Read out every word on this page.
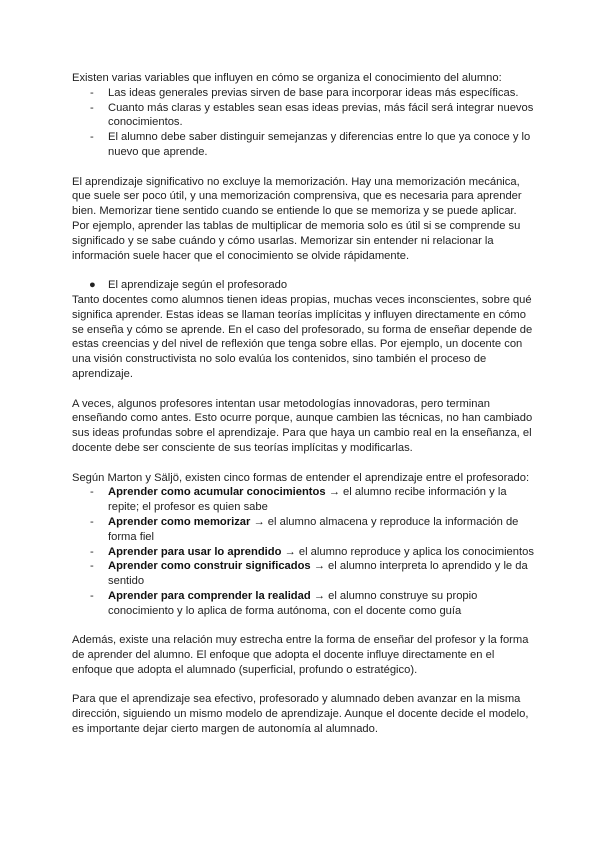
Existen varias variables que influyen en cómo se organiza el conocimiento del alumno:

- Las ideas generales previas sirven de base para incorporar ideas más específicas.
- Cuanto más claras y estables sean esas ideas previas, más fácil será integrar nuevos conocimientos.
- El alumno debe saber distinguir semejanzas y diferencias entre lo que ya conoce y lo nuevo que aprende.

El aprendizaje significativo no excluye la memorización. Hay una memorización mecánica, que suele ser poco útil, y una memorización comprensiva, que es necesaria para aprender bien. Memorizar tiene sentido cuando se entiende lo que se memoriza y se puede aplicar. Por ejemplo, aprender las tablas de multiplicar de memoria solo es útil si se comprende su significado y se sabe cuándo y cómo usarlas. Memorizar sin entender ni relacionar la información suele hacer que el conocimiento se olvide rápidamente.

● El aprendizaje según el profesorado

Tanto docentes como alumnos tienen ideas propias, muchas veces inconscientes, sobre qué significa aprender. Estas ideas se llaman teorías implícitas y influyen directamente en cómo se enseña y cómo se aprende. En el caso del profesorado, su forma de enseñar depende de estas creencias y del nivel de reflexión que tenga sobre ellas. Por ejemplo, un docente con una visión constructivista no solo evalúa los contenidos, sino también el proceso de aprendizaje.

A veces, algunos profesores intentan usar metodologías innovadoras, pero terminan enseñando como antes. Esto ocurre porque, aunque cambien las técnicas, no han cambiado sus ideas profundas sobre el aprendizaje. Para que haya un cambio real en la enseñanza, el docente debe ser consciente de sus teorías implícitas y modificarlas.

Según Marton y Säljö, existen cinco formas de entender el aprendizaje entre el profesorado:

- Aprender como acumular conocimientos → el alumno recibe información y la repite; el profesor es quien sabe
- Aprender como memorizar → el alumno almacena y reproduce la información de forma fiel
- Aprender para usar lo aprendido → el alumno reproduce y aplica los conocimientos
- Aprender como construir significados → el alumno interpreta lo aprendido y le da sentido
- Aprender para comprender la realidad → el alumno construye su propio conocimiento y lo aplica de forma autónoma, con el docente como guía

Además, existe una relación muy estrecha entre la forma de enseñar del profesor y la forma de aprender del alumno. El enfoque que adopta el docente influye directamente en el enfoque que adopta el alumnado (superficial, profundo o estratégico).

Para que el aprendizaje sea efectivo, profesorado y alumnado deben avanzar en la misma dirección, siguiendo un mismo modelo de aprendizaje. Aunque el docente decide el modelo, es importante dejar cierto margen de autonomía al alumnado.
